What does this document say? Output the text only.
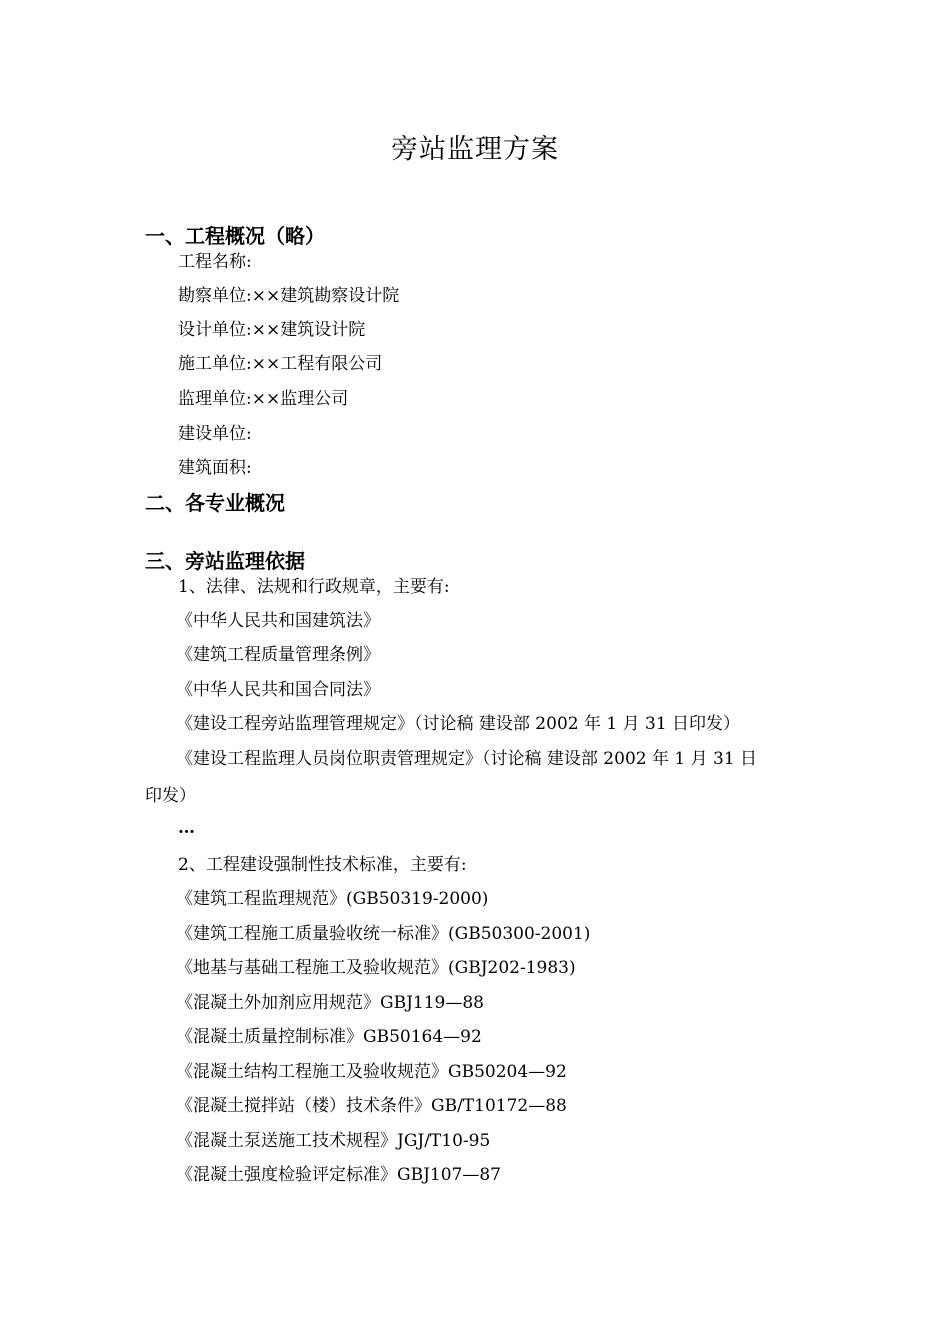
旁站监理方案
一、工程概况（略）
工程名称:
勘察单位:××建筑勘察设计院
设计单位:××建筑设计院
施工单位:××工程有限公司
监理单位:××监理公司
建设单位:
建筑面积:
二、各专业概况
三、旁站监理依据
1、法律、法规和行政规章，主要有:
《中华人民共和国建筑法》
《建筑工程质量管理条例》
《中华人民共和国合同法》
《建设工程旁站监理管理规定》（讨论稿 建设部 2002 年 1 月 31 日印发）
《建设工程监理人员岗位职责管理规定》（讨论稿 建设部 2002 年 1 月 31 日
印发）
…
2、工程建设强制性技术标准，主要有:
《建筑工程监理规范》(GB50319-2000)
《建筑工程施工质量验收统一标准》(GB50300-2001)
《地基与基础工程施工及验收规范》(GBJ202-1983)
《混凝土外加剂应用规范》GBJ119—88
《混凝土质量控制标准》GB50164—92
《混凝土结构工程施工及验收规范》GB50204—92
《混凝土搅拌站（楼）技术条件》GB/T10172—88
《混凝土泵送施工技术规程》JGJ/T10-95
《混凝土强度检验评定标准》GBJ107—87
